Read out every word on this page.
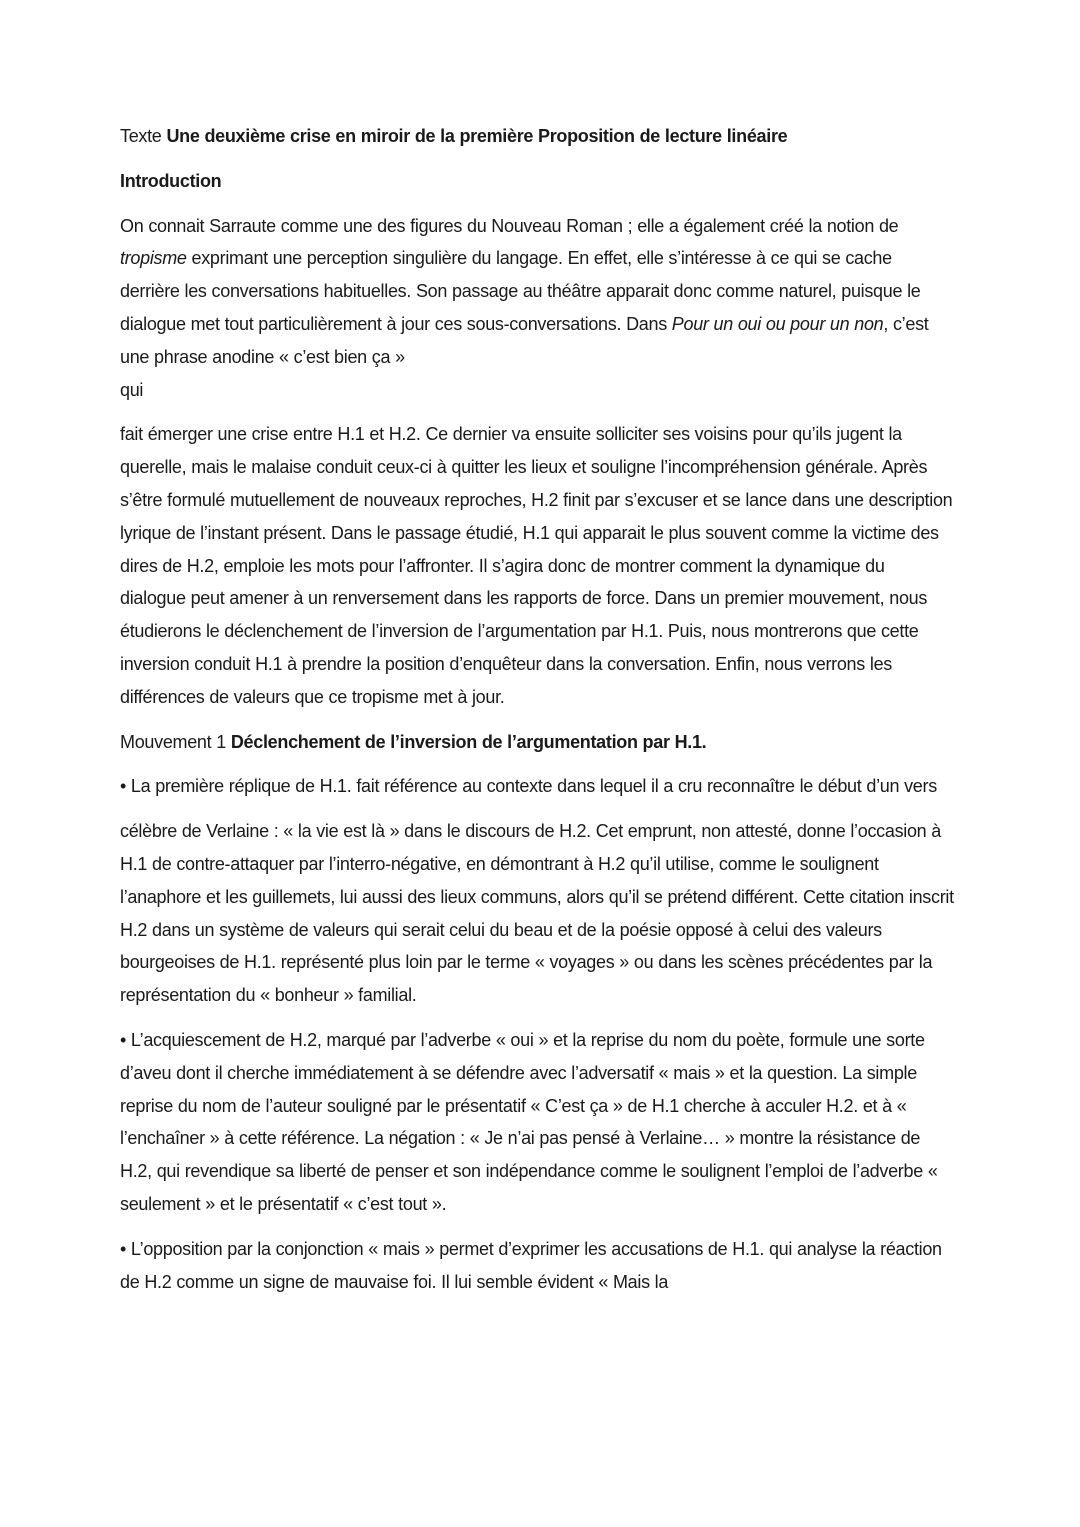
Texte Une deuxième crise en miroir de la première Proposition de lecture linéaire

Introduction

On connait Sarraute comme une des figures du Nouveau Roman ; elle a également créé la notion de tropisme exprimant une perception singulière du langage. En effet, elle s’intéresse à ce qui se cache derrière les conversations habituelles. Son passage au théâtre apparait donc comme naturel, puisque le dialogue met tout particulièrement à jour ces sous-conversations. Dans Pour un oui ou pour un non, c’est une phrase anodine « c’est bien ça »
qui

fait émerger une crise entre H.1 et H.2. Ce dernier va ensuite solliciter ses voisins pour qu’ils jugent la querelle, mais le malaise conduit ceux-ci à quitter les lieux et souligne l’incompréhension générale. Après s’être formulé mutuellement de nouveaux reproches, H.2 finit par s’excuser et se lance dans une description lyrique de l’instant présent. Dans le passage étudié, H.1 qui apparait le plus souvent comme la victime des dires de H.2, emploie les mots pour l’affronter. Il s’agira donc de montrer comment la dynamique du dialogue peut amener à un renversement dans les rapports de force. Dans un premier mouvement, nous étudierons le déclenchement de l’inversion de l’argumentation par H.1. Puis, nous montrerons que cette inversion conduit H.1 à prendre la position d’enquêteur dans la conversation. Enfin, nous verrons les différences de valeurs que ce tropisme met à jour.

Mouvement 1 Déclenchement de l’inversion de l’argumentation par H.1.

• La première réplique de H.1. fait référence au contexte dans lequel il a cru reconnaître le début d’un vers

célèbre de Verlaine : « la vie est là » dans le discours de H.2. Cet emprunt, non attesté, donne l’occasion à H.1 de contre-attaquer par l’interro-négative, en démontrant à H.2 qu’il utilise, comme le soulignent l’anaphore et les guillemets, lui aussi des lieux communs, alors qu’il se prétend différent. Cette citation inscrit H.2 dans un système de valeurs qui serait celui du beau et de la poésie opposé à celui des valeurs bourgeoises de H.1. représenté plus loin par le terme « voyages » ou dans les scènes précédentes par la représentation du « bonheur » familial.

• L’acquiescement de H.2, marqué par l’adverbe « oui » et la reprise du nom du poète, formule une sorte d’aveu dont il cherche immédiatement à se défendre avec l’adversatif « mais » et la question. La simple reprise du nom de l’auteur souligné par le présentatif « C’est ça » de H.1 cherche à acculer H.2. et à « l’enchaîner » à cette référence. La négation : « Je n’ai pas pensé à Verlaine… » montre la résistance de H.2, qui revendique sa liberté de penser et son indépendance comme le soulignent l’emploi de l’adverbe « seulement » et le présentatif « c’est tout ».

• L’opposition par la conjonction « mais » permet d’exprimer les accusations de H.1. qui analyse la réaction de H.2 comme un signe de mauvaise foi. Il lui semble évident « Mais la
